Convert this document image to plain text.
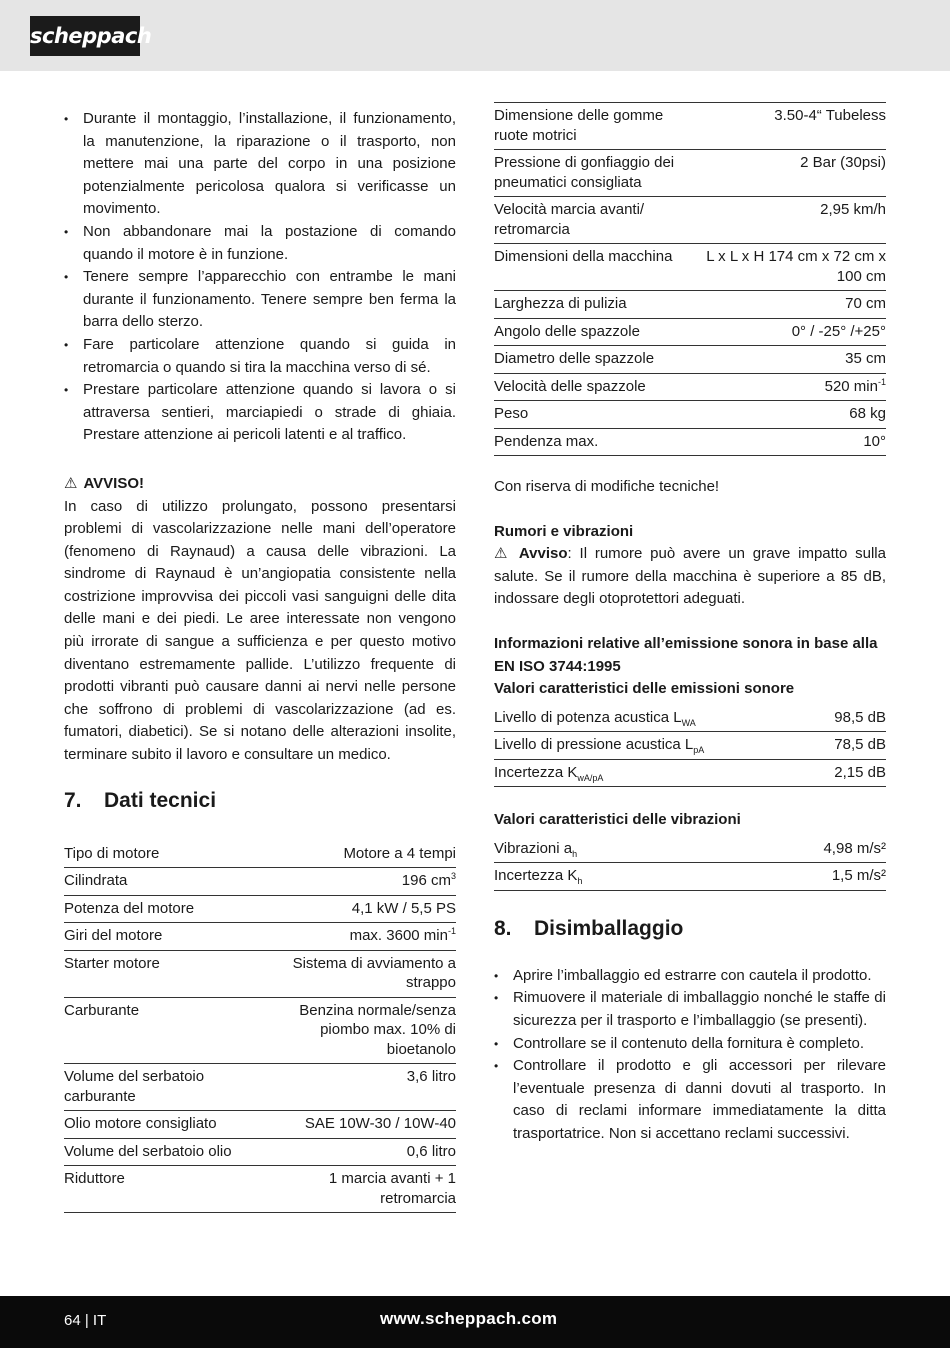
scheppach
• Durante il montaggio, l’installazione, il funzionamento, la manutenzione, la riparazione o il trasporto, non mettere mai una parte del corpo in una posizione potenzialmente pericolosa qualora si verificasse un movimento.
• Non abbandonare mai la postazione di comando quando il motore è in funzione.
• Tenere sempre l’apparecchio con entrambe le mani durante il funzionamento. Tenere sempre ben ferma la barra dello sterzo.
• Fare particolare attenzione quando si guida in retromarcia o quando si tira la macchina verso di sé.
• Prestare particolare attenzione quando si lavora o si attraversa sentieri, marciapiedi o strade di ghiaia. Prestare attenzione ai pericoli latenti e al traffico.
⚠ AVVISO!

In caso di utilizzo prolungato, possono presentarsi problemi di vascolarizzazione nelle mani dell’operatore (fenomeno di Raynaud) a causa delle vibrazioni. La sindrome di Raynaud è un’angiopatia consistente nella costrizione improvvisa dei piccoli vasi sanguigni delle dita delle mani e dei piedi. Le aree interessate non vengono più irrorate di sangue a sufficienza e per questo motivo diventano estremamente pallide. L’utilizzo frequente di prodotti vibranti può causare danni ai nervi nelle persone che soffrono di problemi di vascolarizzazione (ad es. fumatori, diabetici). Se si notano delle alterazioni insolite, terminare subito il lavoro e consultare un medico.

7.	Dati tecnici
Tipo di motore	Motore a 4 tempi
Cilindrata	196 $cm^3$
Potenza del motore	4,1 kW / 5,5 PS
Giri del motore	max. 3600 $\min^{-1}$
Starter motore	Sistema di avviamento a strappo
Carburante	Benzina normale/senza piombo max. 10% di bioetanolo
Volume del serbatoio carburante	3,6 litro
Olio motore consigliato	SAE 10W-30 / 10W-40
Volume del serbatoio olio	0,6 litro
Riduttore	1 marcia avanti + 1 retromarcia
Dimensione delle gomme ruote motrici	3.50-4“ Tubeless
Pressione di gonfiaggio dei pneumatici consigliata	2 Bar (30psi)
Velocità marcia avanti/ retromarcia	2,95 km/h
Dimensioni della macchina	L x L x H 174 cm x 72 cm x 100 cm
Larghezza di pulizia	70 cm
Angolo delle spazzole	0° / -25° /+25°
Diametro delle spazzole	35 cm
Velocità delle spazzole	520 $\min^{-1}$
Peso	68 kg
Pendenza max.	10°

Con riserva di modifiche tecniche!

Rumori e vibrazioni

⚠ Avviso: Il rumore può avere un grave impatto sulla salute. Se il rumore della macchina è superiore a 85 dB, indossare degli otoprotettori adeguati.

Informazioni relative all’emissione sonora in base alla EN ISO 3744:1995

Valori caratteristici delle emissioni sonore

Livello di potenza acustica $L_{WA}$	98,5 dB
Livello di pressione acustica $L_{pA}$	78,5 dB
Incertezza $K_{wA/pA}$	2,15 dB

Valori caratteristici delle vibrazioni

Vibrazioni $a_h$	4,98 m/s²
Incertezza $K_h$	1,5 m/s²
8.	Disimballaggio
• Aprire l’imballaggio ed estrarre con cautela il prodotto.
• Rimuovere il materiale di imballaggio nonché le staffe di sicurezza per il trasporto e l’imballaggio (se presenti).
• Controllare se il contenuto della fornitura è completo.
• Controllare il prodotto e gli accessori per rilevare l’eventuale presenza di danni dovuti al trasporto. In caso di reclami informare immediatamente la ditta trasportatrice. Non si accettano reclami successivi.
64 | IT	www.scheppach.com
